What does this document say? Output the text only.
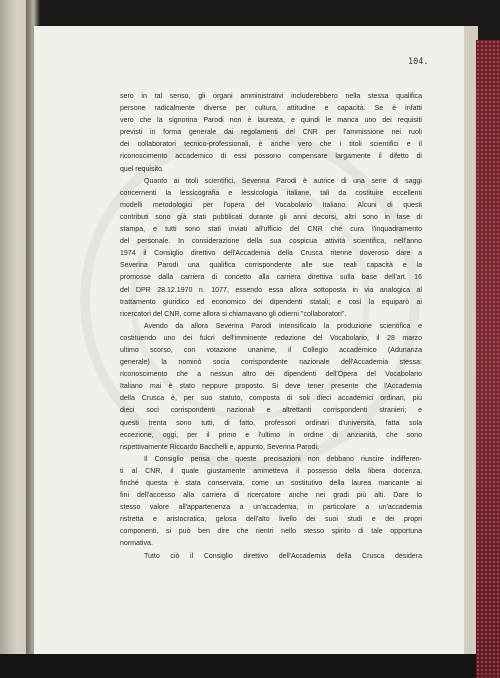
104.
sero in tal senso, gli organi amministrativi includerebbero nella stessa qualifica
persone radicalmente diverse per cultura, attitudine e capacità. Se è infatti
vero che la signorina Parodi non è laureata, e quindi le manca uno dei requisiti
previsti in forma generale dai regolamenti del CNR per l'ammissione nei ruoli
dei collaboratori tecnico-professionali, è anche vero che i titoli scientifici e il
riconoscimento accademico di essi possono compensare largamente il difetto di
quel requisito.
Quanto ai titoli scientifici, Severina Parodi è autrice di una serie di saggi
concernenti la lessicografia e lessicologia italiane, tali da costituire eccellenti
modelli metodologici per l'opera del Vocabolario Italiano. Alcuni di questi
contributi sono già stati pubblicati durante gli anni decorsi, altri sono in fase di
stampa, e tutti sono stati inviati all'ufficio del CNR che cura l'inquadramento
del personale. In considerazione della sua cospicua attività scientifica, nell'anno
1974 il Consiglio direttivo dell'Accademia della Crusca ritenne doveroso dare a
Severina Parodi una qualifica corrispondente alle sue reali capacità e la
promosse dalla carriera di concetto alla carriera direttiva sulla base dell'art. 16
del DPR 28.12.1970 n. 1077, essendo essa allora sottoposta in via analogica al
trattamento giuridico ed economico dei dipendenti statali; e così la equiparò ai
ricercatori del CNR, come allora si chiamavano gli odierni "collaboratori".
Avendo da allora Severina Parodi intensificato la produzione scientifica e
costituendo uno dei fulcri dell'imminente redazione del Vocabolario, il 28 marzo
ultimo scorso, con votazione unanime, il Collegio accademico (Adunanza
generale) la nominò socia corrispondente nazionale dell'Accademia stessa:
riconoscimento che a nessun altro dei dipendenti dell'Opera del Vocabolario
Italiano mai è stato neppure proposto. Si deve tener presente che l'Accademia
della Crusca è, per suo statuto, composta di soli dieci accademici ordinari, più
dieci soci corrispondenti nazionali e altrettanti corrispondenti stranieri; e
questi trenta sono tutti, di fatto, professori ordinari d'università, fatta sola
eccezione, oggi, per il primo e l'ultimo in ordine di anzianità, che sono
rispettivamente Riccardo Bacchelli e, appunto, Severina Parodi.
Il Consiglio pensa che queste precisazioni non debbano riuscire indifferen-
ti al CNR, il quale giustamente ammetteva il possesso della libera docenza,
finché questa è stata conservata, come un sostitutivo della laurea mancante ai
fini dell'accesso alla carriera di ricercatore anche nei gradi più alti. Dare lo
stesso valore all'appartenenza a un'accademia, in particolare a un'accademia
ristretta e aristocratica, gelosa dell'alto livello dei suoi studi e dei propri
componenti, si può ben dire che rientri nello stesso spirito di tale opportuna
normativa.
Tutto ciò il Consiglio direttivo dell'Accademia della Crusca desidera
